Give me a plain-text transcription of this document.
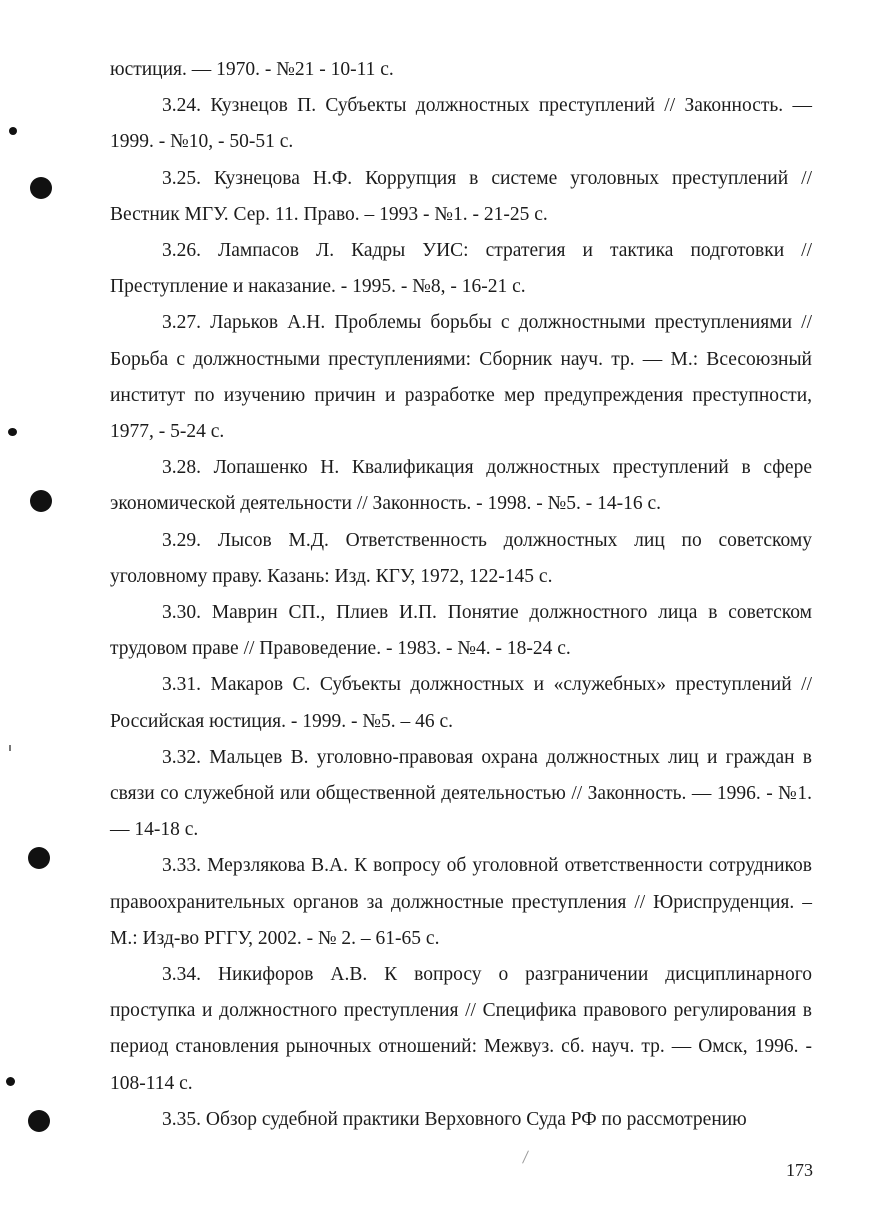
юстиция. — 1970. - №21 - 10-11 с.

3.24. Кузнецов П. Субъекты должностных преступлений // Законность. — 1999. - №10, - 50-51 с.

3.25. Кузнецова Н.Ф. Коррупция в системе уголовных преступлений // Вестник МГУ. Сер. 11. Право. – 1993 - №1. - 21-25 с.

3.26. Лампасов Л. Кадры УИС: стратегия и тактика подготовки // Преступление и наказание. - 1995. - №8, - 16-21 с.

3.27. Ларьков А.Н. Проблемы борьбы с должностными преступлениями // Борьба с должностными преступлениями: Сборник науч. тр. — М.: Всесоюзный институт по изучению причин и разработке мер предупреждения преступности, 1977, - 5-24 с.

3.28. Лопашенко Н. Квалификация должностных преступлений в сфере экономической деятельности // Законность. - 1998. - №5. - 14-16 с.

3.29. Лысов М.Д. Ответственность должностных лиц по советскому уголовному праву. Казань: Изд. КГУ, 1972, 122-145 с.

3.30. Маврин СП., Плиев И.П. Понятие должностного лица в советском трудовом праве // Правоведение. - 1983. - №4. - 18-24 с.

3.31. Макаров С. Субъекты должностных и «служебных» преступлений // Российская юстиция. - 1999. - №5. – 46 с.

3.32. Мальцев В. уголовно-правовая охрана должностных лиц и граждан в связи со служебной или общественной деятельностью // Законность. — 1996. - №1. — 14-18 с.

3.33. Мерзлякова В.А. К вопросу об уголовной ответственности сотрудников правоохранительных органов за должностные преступления // Юриспруденция. – М.: Изд-во РГГУ, 2002. - № 2. – 61-65 с.

3.34. Никифоров А.В. К вопросу о разграничении дисциплинарного проступка и должностного преступления // Специфика правового регулирования в период становления рыночных отношений: Межвуз. сб. науч. тр. — Омск, 1996. - 108-114 с.

3.35. Обзор судебной практики Верховного Суда РФ по рассмотрению

173
